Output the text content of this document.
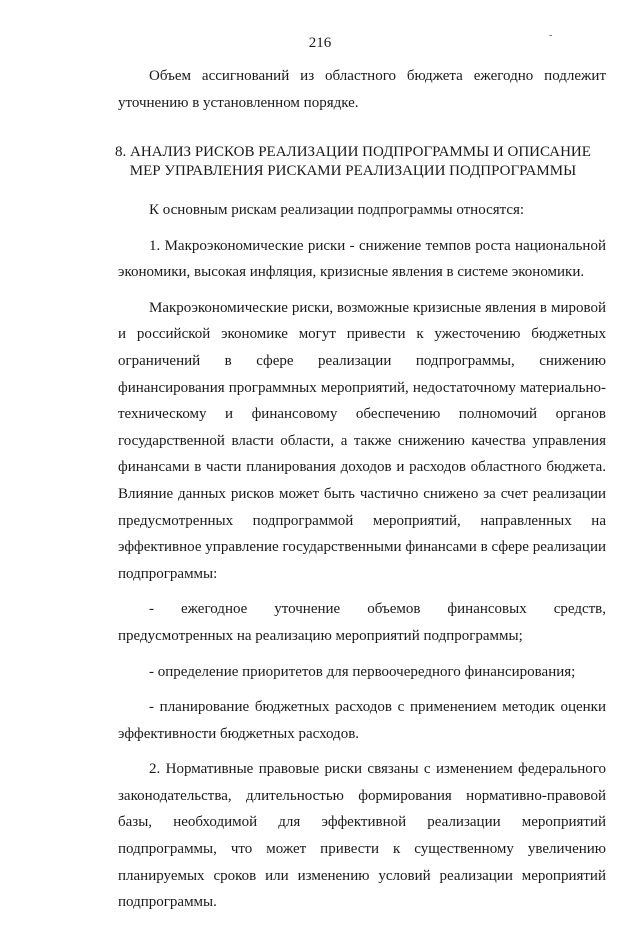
216	-

Объем ассигнований из областного бюджета ежегодно подлежит уточнению в установленном порядке.

8. АНАЛИЗ РИСКОВ РЕАЛИЗАЦИИ ПОДПРОГРАММЫ И ОПИСАНИЕ МЕР УПРАВЛЕНИЯ РИСКАМИ РЕАЛИЗАЦИИ ПОДПРОГРАММЫ

К основным рискам реализации подпрограммы относятся:

1. Макроэкономические риски - снижение темпов роста национальной экономики, высокая инфляция, кризисные явления в системе экономики.

Макроэкономические риски, возможные кризисные явления в мировой и российской экономике могут привести к ужесточению бюджетных ограничений в сфере реализации подпрограммы, снижению финансирования программных мероприятий, недостаточному материально-техническому и финансовому обеспечению полномочий органов государственной власти области, а также снижению качества управления финансами в части планирования доходов и расходов областного бюджета. Влияние данных рисков может быть частично снижено за счет реализации предусмотренных подпрограммой мероприятий, направленных на эффективное управление государственными финансами в сфере реализации подпрограммы:

- ежегодное уточнение объемов финансовых средств, предусмотренных на реализацию мероприятий подпрограммы;

- определение приоритетов для первоочередного финансирования;

- планирование бюджетных расходов с применением методик оценки эффективности бюджетных расходов.

2. Нормативные правовые риски связаны с изменением федерального законодательства, длительностью формирования нормативно-правовой базы, необходимой для эффективной реализации мероприятий подпрограммы, что может привести к существенному увеличению планируемых сроков или изменению условий реализации мероприятий подпрограммы.
